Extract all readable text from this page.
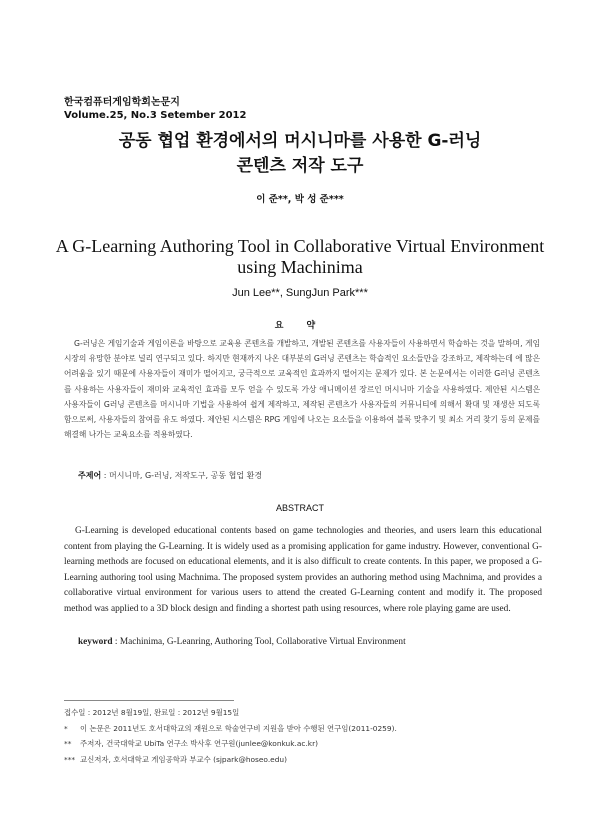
한국컴퓨터게임학회논문지
Volume.25, No.3 Setember 2012
공동 협업 환경에서의 머시니마를 사용한 G-러닝
콘텐츠 저작 도구
이 준**, 박 성 준***
A G-Learning Authoring Tool in Collaborative Virtual Environment
using Machinima
Jun Lee**, SungJun Park***
요 약

G-러닝은 게임기술과 게임이론을 바탕으로 교육용 콘텐츠를 개발하고, 개발된 콘텐츠를 사용자들이 사용하면서 학습하는 것을 말하며, 게임 시장의 유망한 분야로 널리 연구되고 있다. 하지만 현재까지 나온 대부분의 G러닝 콘텐츠는 학습적인 요소들만을 강조하고, 제작하는데 에 많은 어려움을 있기 때문에 사용자들이 재미가 떨어지고, 궁극적으로 교육적인 효과까지 떨어지는 문제가 있다. 본 논문에서는 이러한 G러닝 콘텐츠를 사용하는 사용자들이 재미와 교육적인 효과를 모두 얻을 수 있도록 가상 애니메이션 장르인 머시니마 기술을 사용하였다. 제안된 시스템은 사용자들이 G러닝 콘텐츠를 머시니마 기법을 사용하여 쉽게 제작하고, 제작된 콘텐츠가 사용자들의 커뮤니티에 의해서 확대 및 재생산 되도록 함으로써, 사용자들의 참여를 유도 하였다. 제안된 시스템은 RPG 게임에 나오는 요소들을 이용하여 블록 맞추기 및 최소 거리 찾기 등의 문제를 해결해 나가는 교육요소를 적용하였다.

주제어 : 머시니마, G-러닝, 저작도구, 공동 협업 환경
ABSTRACT

G-Learning is developed educational contents based on game technologies and theories, and users learn this educational content from playing the G-Learning. It is widely used as a promising application for game industry. However, conventional G-learning methods are focused on educational elements, and it is also difficult to create contents. In this paper, we proposed a G-Learning authoring tool using Machnima. The proposed system provides an authoring method using Machnima, and provides a collaborative virtual environment for various users to attend the created G-Learning content and modify it. The proposed method was applied to a 3D block design and finding a shortest path using resources, where role playing game are used.

keyword : Machinima, G-Leanring, Authoring Tool, Collaborative Virtual Environment
접수일 : 2012년 8월19일, 완료일 : 2012년 9월15일
* 이 논문은 2011년도 호서대학교의 재원으로 학술연구비 지원을 받아 수행된 연구임(2011-0259).
** 주저자, 건국대학교 UbiTa 연구소 박사후 연구원(junlee@konkuk.ac.kr)
*** 교신저자, 호서대학교 게임공학과 부교수 (sjpark@hoseo.edu)
